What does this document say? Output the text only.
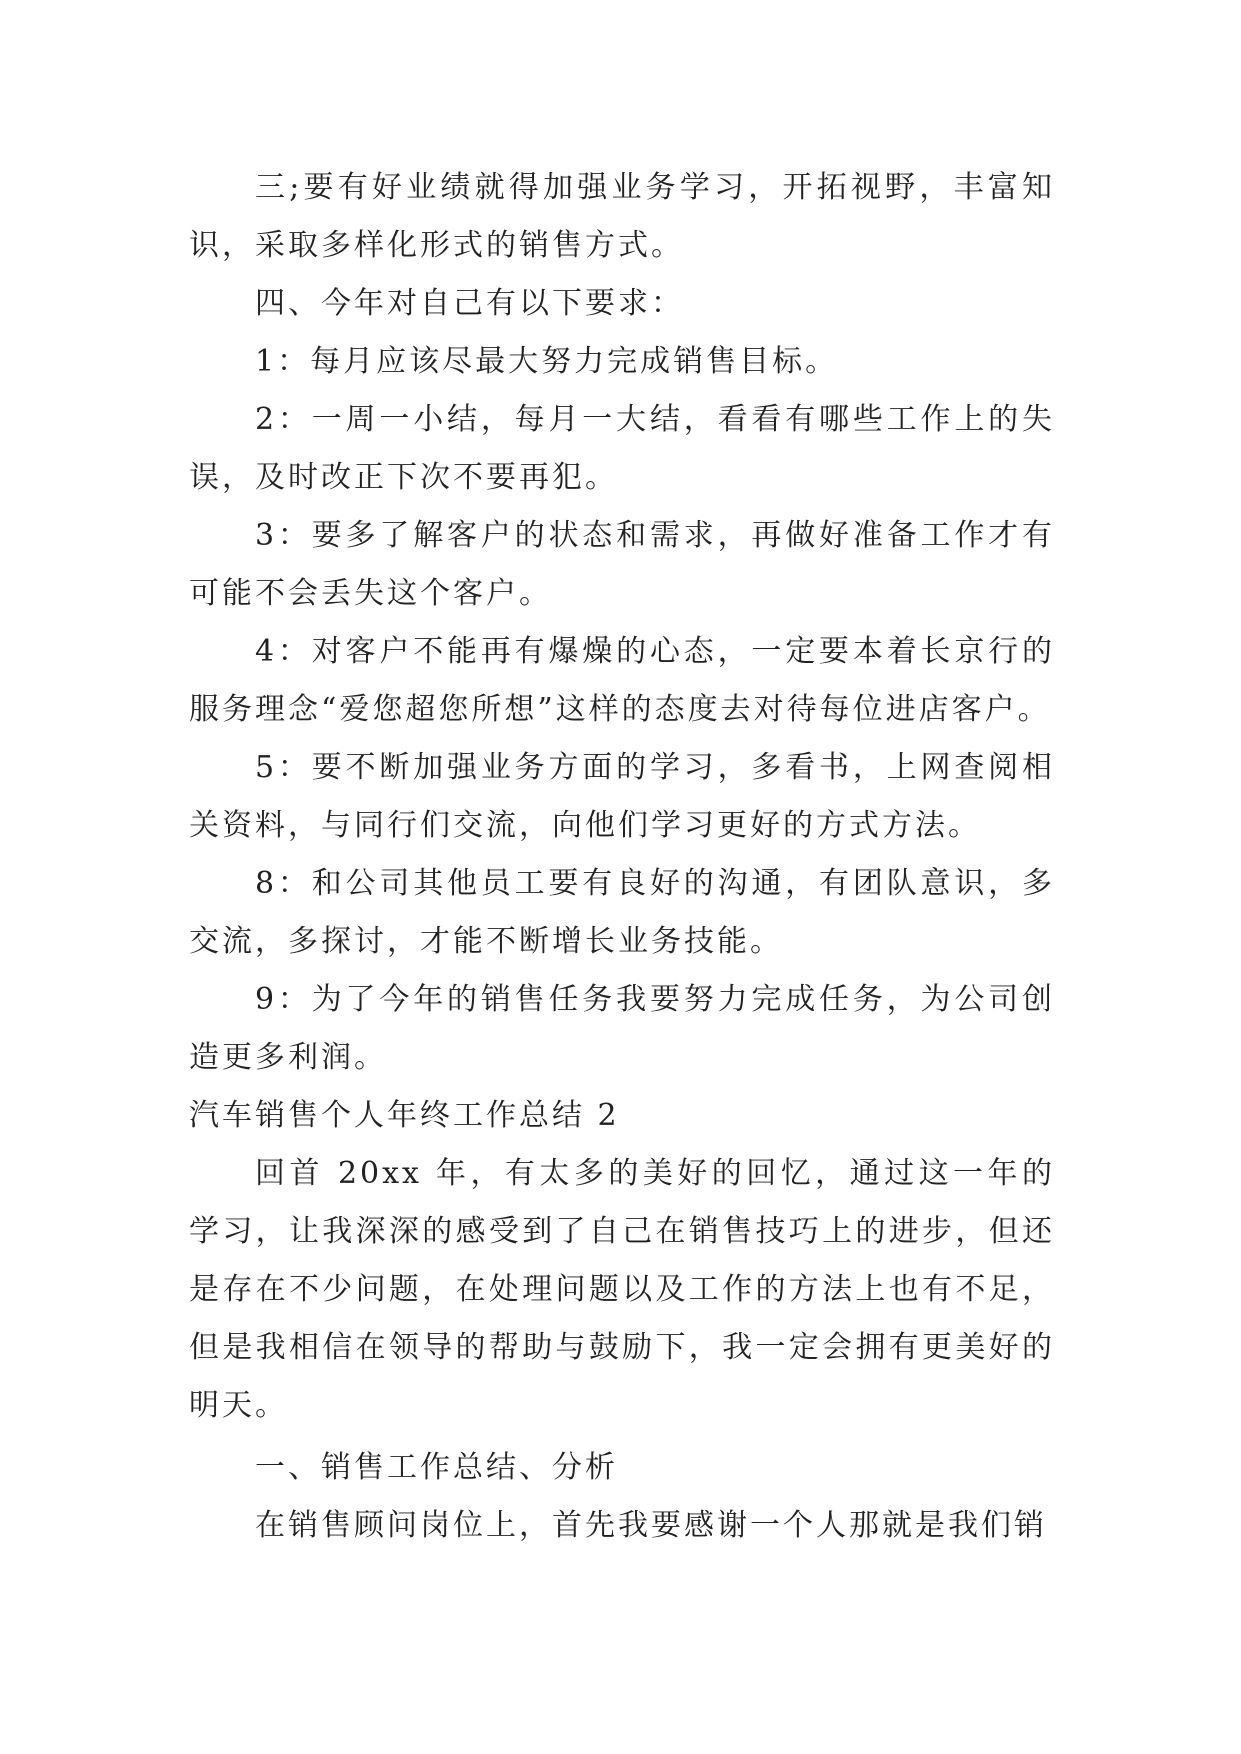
三;要有好业绩就得加强业务学习，开拓视野，丰富知识，采取多样化形式的销售方式。

四、今年对自己有以下要求：

1：每月应该尽最大努力完成销售目标。

2：一周一小结，每月一大结，看看有哪些工作上的失误，及时改正下次不要再犯。

3：要多了解客户的状态和需求，再做好准备工作才有可能不会丢失这个客户。

4：对客户不能再有爆燥的心态，一定要本着长京行的服务理念“爱您超您所想”这样的态度去对待每位进店客户。

5：要不断加强业务方面的学习，多看书，上网查阅相关资料，与同行们交流，向他们学习更好的方式方法。

8：和公司其他员工要有良好的沟通，有团队意识，多交流，多探讨，才能不断增长业务技能。

9：为了今年的销售任务我要努力完成任务，为公司创造更多利润。

汽车销售个人年终工作总结 2

回首 20xx 年，有太多的美好的回忆，通过这一年的学习，让我深深的感受到了自己在销售技巧上的进步，但还是存在不少问题，在处理问题以及工作的方法上也有不足，但是我相信在领导的帮助与鼓励下，我一定会拥有更美好的明天。

一、销售工作总结、分析

在销售顾问岗位上，首先我要感谢一个人那就是我们销
